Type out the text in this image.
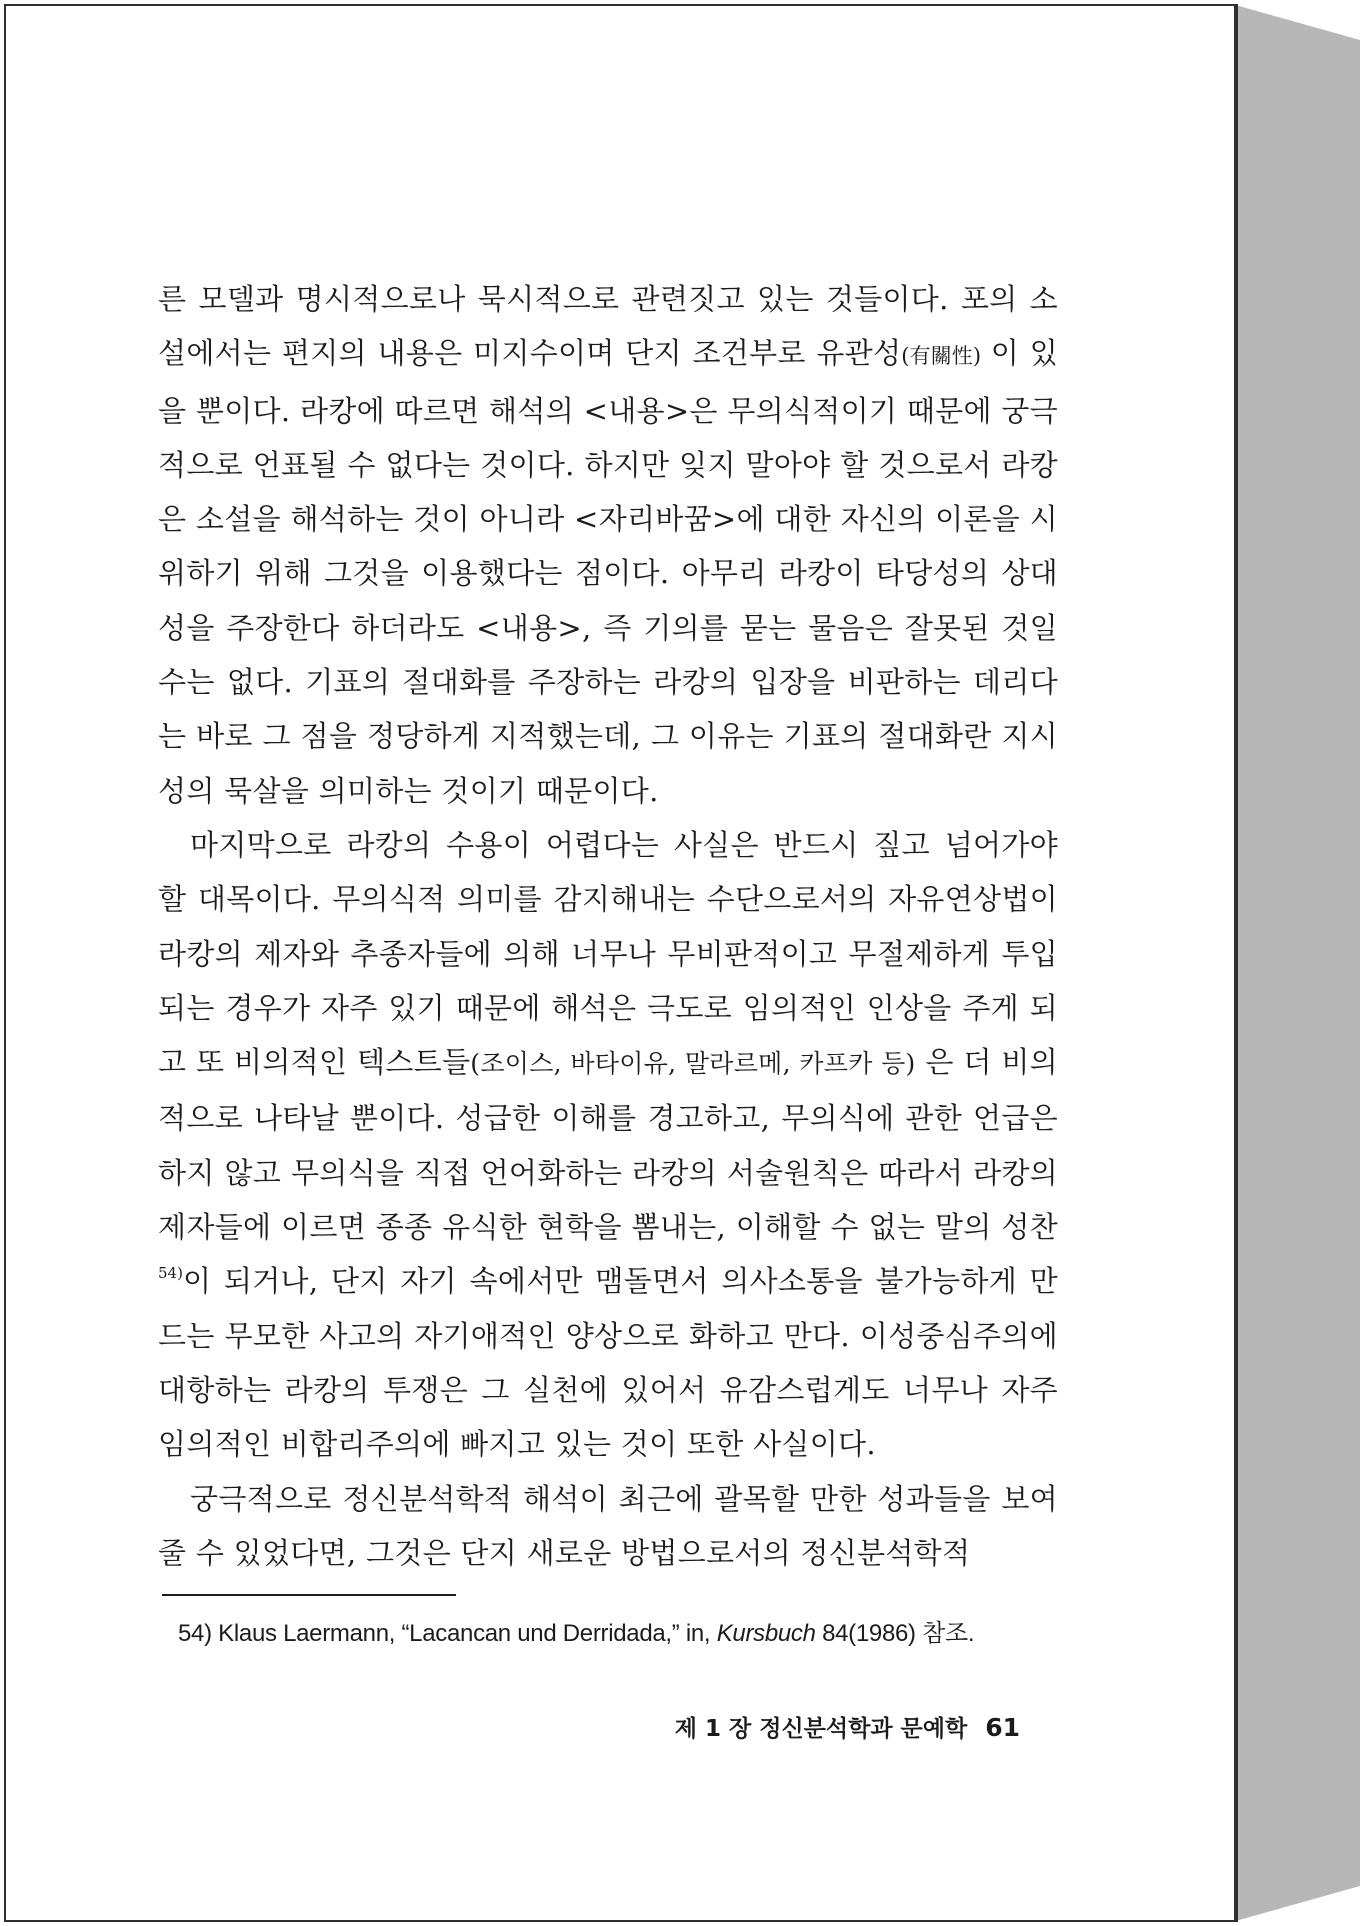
른 모델과 명시적으로나 묵시적으로 관련짓고 있는 것들이다. 포의 소설에서는 편지의 내용은 미지수이며 단지 조건부로 유관성(有關性) 이 있을 뿐이다. 라캉에 따르면 해석의 <내용>은 무의식적이기 때문에 궁극적으로 언표될 수 없다는 것이다. 하지만 잊지 말아야 할 것으로서 라캉은 소설을 해석하는 것이 아니라 <자리바꿈>에 대한 자신의 이론을 시위하기 위해 그것을 이용했다는 점이다. 아무리 라캉이 타당성의 상대성을 주장한다 하더라도 <내용>, 즉 기의를 묻는 물음은 잘못된 것일 수는 없다. 기표의 절대화를 주장하는 라캉의 입장을 비판하는 데리다는 바로 그 점을 정당하게 지적했는데, 그 이유는 기표의 절대화란 지시성의 묵살을 의미하는 것이기 때문이다.

마지막으로 라캉의 수용이 어렵다는 사실은 반드시 짚고 넘어가야 할 대목이다. 무의식적 의미를 감지해내는 수단으로서의 자유연상법이 라캉의 제자와 추종자들에 의해 너무나 무비판적이고 무절제하게 투입되는 경우가 자주 있기 때문에 해석은 극도로 임의적인 인상을 주게 되고 또 비의적인 텍스트들(조이스, 바타이유, 말라르메, 카프카 등) 은 더 비의적으로 나타날 뿐이다. 성급한 이해를 경고하고, 무의식에 관한 언급은 하지 않고 무의식을 직접 언어화하는 라캉의 서술원칙은 따라서 라캉의 제자들에 이르면 종종 유식한 현학을 뽐내는, 이해할 수 없는 말의 성찬$^{54)}$이 되거나, 단지 자기 속에서만 맴돌면서 의사소통을 불가능하게 만드는 무모한 사고의 자기애적인 양상으로 화하고 만다. 이성중심주의에 대항하는 라캉의 투쟁은 그 실천에 있어서 유감스럽게도 너무나 자주 임의적인 비합리주의에 빠지고 있는 것이 또한 사실이다.

궁극적으로 정신분석학적 해석이 최근에 괄목할 만한 성과들을 보여줄 수 있었다면, 그것은 단지 새로운 방법으로서의 정신분석학적

54) Klaus Laermann, “Lacancan und Derridada,” in, Kursbuch 84(1986) 참조.
제 1 장 정신분석학과 문예학 61
